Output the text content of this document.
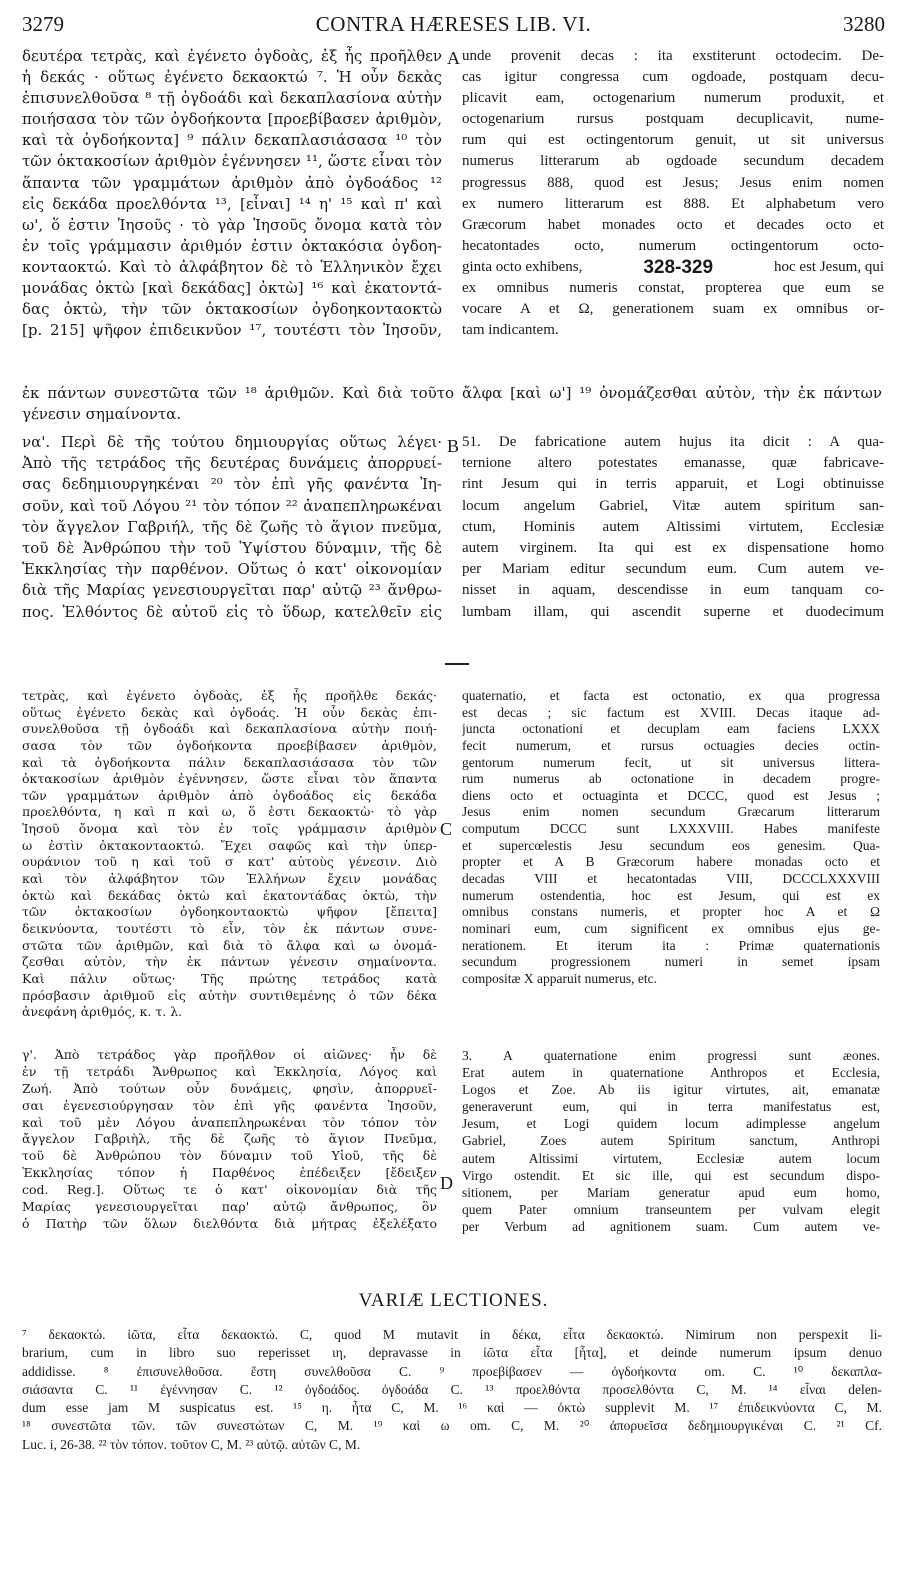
3279	CONTRA HÆRESES LIB. VI.	3280
δευτέρα τετρὰς, καὶ ἐγένετο ὀγδοὰς, ἐξ ἧς προῆλθεν
ἡ δεκάς · οὕτως ἐγένετο δεκαοκτώ ⁷. Ἡ οὖν δεκὰς
ἐπισυνελθοῦσα ⁸ τῇ ὀγδοάδι καὶ δεκαπλασίονα αὐτὴν
ποιήσασα τὸν τῶν ὀγδοήκοντα [προεβίβασεν ἀριθμὸν,
καὶ τὰ ὀγδοήκοντα] ⁹ πάλιν δεκαπλασιάσασα ¹⁰ τὸν
τῶν ὀκτακοσίων ἀριθμὸν ἐγέννησεν ¹¹, ὥστε εἶναι τὸν
ἅπαντα τῶν γραμμάτων ἀριθμὸν ἀπὸ ὀγδοάδος ¹²
εἰς δεκάδα προελθόντα ¹³, [εἶναι] ¹⁴ η' ¹⁵ καὶ π' καὶ
ω', ὅ ἐστιν Ἰησοῦς · τὸ γὰρ Ἰησοῦς ὄνομα κατὰ τὸν
ἐν τοῖς γράμμασιν ἀριθμόν ἐστιν ὀκτακόσια ὀγδοη-
κονταοκτώ. Καὶ τὸ ἀλφάβητον δὲ τὸ Ἑλληνικὸν ἔχει
μονάδας ὀκτὼ [καὶ δεκάδας] ὀκτὼ] ¹⁶ καὶ ἑκατοντά-
δας ὀκτὼ, τὴν τῶν ὀκτακοσίων ὀγδοηκονταοκτὼ
[p. 215] ψῆφον ἐπιδεικνῦον ¹⁷, τουτέστι τὸν Ἰησοῦν,
A unde provenit decas : ita exstiterunt octodecim. De-
cas igitur congressa cum ogdoade, postquam decu-
plicavit eam, octogenarium numerum produxit, et
octogenarium rursus postquam decuplicavit, nume-
rum qui est octingentorum genuit, ut sit universus
numerus litterarum ab ogdoade secundum decadem
progressus 888, quod est Jesus; Jesus enim nomen
ex numero litterarum est 888. Et alphabetum vero
Græcorum habet monades octo et decades octo et
hecatontades octo, numerum octingentorum octo-
ginta octo exhibens,	328-329	hoc est Jesum, qui
ex omnibus numeris constat, propterea que eum se
vocare A et Ω, generationem suam ex omnibus or-
tam indicantem.
ἐκ πάντων συνεστῶτα τῶν ¹⁸ ἀριθμῶν. Καὶ διὰ τοῦτο ἄλφα [καὶ ω'] ¹⁹ ὀνομάζεσθαι αὐτὸν, τὴν ἐκ πάντων
γένεσιν σημαίνοντα.
να'. Περὶ δὲ τῆς τούτου δημιουργίας οὕτως λέγει·
Ἀπὸ τῆς τετράδος τῆς δευτέρας δυνάμεις ἀπορρυεί-
σας δεδημιουργηκέναι ²⁰ τὸν ἐπὶ γῆς φανέντα Ἰη-
σοῦν, καὶ τοῦ Λόγου ²¹ τὸν τόπον ²² ἀναπεπληρωκέναι
τὸν ἄγγελον Γαβριήλ, τῆς δὲ ζωῆς τὸ ἅγιον πνεῦμα,
τοῦ δὲ Ἀνθρώπου τὴν τοῦ Ὑψίστου δύναμιν, τῆς δὲ
Ἐκκλησίας τὴν παρθένον. Οὕτως ὁ κατ' οἰκονομίαν
διὰ τῆς Μαρίας γενεσιουργεῖται παρ' αὐτῷ ²³ ἄνθρω-
πος. Ἐλθόντος δὲ αὐτοῦ εἰς τὸ ὕδωρ, κατελθεῖν εἰς
B 51. De fabricatione autem hujus ita dicit : A qua-
ternione altero potestates emanasse, quæ fabricave-
rint Jesum qui in terris apparuit, et Logi obtinuisse
locum angelum Gabriel, Vitæ autem spiritum san-
ctum, Hominis autem Altissimi virtutem, Ecclesiæ
autem virginem. Ita qui est ex dispensatione homo
per Mariam editur secundum eum. Cum autem ve-
nisset in aquam, descendisse in eum tanquam co-
lumbam illam, qui ascendit superne et duodecimum
τετρὰς, καὶ ἐγένετο ὀγδοὰς, ἐξ ἧς προῆλθε δεκάς·
οὕτως ἐγένετο δεκὰς καὶ ὀγδοάς. Ἡ οὖν δεκὰς ἐπι-
συνελθοῦσα τῇ ὀγδοάδι καὶ δεκαπλασίονα αὐτὴν ποιή-
σασα τὸν τῶν ὀγδοήκοντα προεβίβασεν ἀριθμὸν,
καὶ τὰ ὀγδοήκοντα πάλιν δεκαπλασιάσασα τὸν τῶν
ὀκτακοσίων ἀριθμὸν ἐγέννησεν, ὥστε εἶναι τὸν ἅπαντα
τῶν γραμμάτων ἀριθμὸν ἀπὸ ὀγδοάδος εἰς δεκάδα
προελθόντα, η καὶ π καὶ ω, ὅ ἐστι δεκαοκτὼ· τὸ γὰρ
Ἰησοῦ ὄνομα καὶ τὸν ἐν τοῖς γράμμασιν ἀριθμὸν
ω ἐστὶν ὀκτακονταοκτώ. Ἔχει σαφῶς καὶ τὴν ὑπερ-
ουράνιον τοῦ η καὶ τοῦ σ κατ' αὐτοὺς γένεσιν. Διὸ
καὶ τὸν ἀλφάβητον τῶν Ἑλλήνων ἔχειν μονάδας
ὀκτὼ καὶ δεκάδας ὀκτὼ καὶ ἑκατοντάδας ὀκτὼ, τὴν
τῶν ὀκτακοσίων ὀγδοηκονταοκτὼ ψῆφον [ἔπειτα]
δεικνύοντα, τουτέστι τὸ εἶν, τὸν ἐκ πάντων συνε-
στῶτα τῶν ἀριθμῶν, καὶ διὰ τὸ ἄλφα καὶ ω ὀνομά-
ζεσθαι αὐτὸν, τὴν ἐκ πάντων γένεσιν σημαίνοντα.
Καὶ πάλιν οὕτως· Τῆς πρώτης τετράδος κατὰ
πρόσβασιν ἀριθμοῦ εἰς αὐτὴν συντιθεμένης ὁ τῶν δέκα
ἀνεφάνη ἀριθμός, κ. τ. λ.
C
quaternatio, et facta est octonatio, ex qua progressa
est decas ; sic factum est XVIII. Decas itaque ad-
juncta octonationi et decuplam eam faciens LXXX
fecit numerum, et rursus octuagies decies octin-
gentorum numerum fecit, ut sit universus littera-
rum numerus ab octonatione in decadem progre-
diens octo et octuaginta et DCCC, quod est Jesus ;
Jesus enim nomen secundum Græcarum litterarum
computum DCCC sunt LXXXVIII. Habes manifeste
et supercœlestis Jesu secundum eos genesim. Qua-
propter et A B Græcorum habere monadas octo et
decadas VIII et hecatontadas VIII, DCCCLXXXVIII
numerum ostendentia, hoc est Jesum, qui est ex
omnibus constans numeris, et propter hoc A et Ω
nominari eum, cum significent ex omnibus ejus ge-
nerationem. Et iterum ita : Primæ quaternationis
secundum progressionem numeri in semet ipsam
compositæ X apparuit numerus, etc.
γ'. Ἀπὸ τετράδος γὰρ προῆλθον οἱ αἰῶνες· ἦν δὲ
ἐν τῇ τετράδι Ἄνθρωπος καὶ Ἐκκλησία, Λόγος καὶ
Ζωή. Ἀπὸ τούτων οὖν δυνάμεις, φησὶν, ἀπορρυεῖ-
σαι ἐγενεσιούργησαν τὸν ἐπὶ γῆς φανέντα Ἰησοῦν,
καὶ τοῦ μὲν Λόγου ἀναπεπληρωκέναι τὸν τόπον τὸν
ἄγγελον Γαβριὴλ, τῆς δὲ ζωῆς τὸ ἅγιον Πνεῦμα,
τοῦ δὲ Ἀνθρώπου τὸν δύναμιν τοῦ Υἱοῦ, τῆς δὲ
Ἐκκλησίας τόπον ἡ Παρθένος ἐπέδειξεν [ἔδειξεν
cod. Reg.]. Οὕτως τε ὁ κατ' οἰκονομίαν διὰ τῆς
Μαρίας γενεσιουργεῖται παρ' αὐτῷ ἄνθρωπος, ὃν
ὁ Πατὴρ τῶν ὅλων διελθόντα διὰ μήτρας ἐξελέξατο
D
3. A quaternatione enim progressi sunt æones.
Erat autem in quaternatione Anthropos et Ecclesia,
Logos et Zoe. Ab iis igitur virtutes, ait, emanatæ
generaverunt eum, qui in terra manifestatus est,
Jesum, et Logi quidem locum adimplesse angelum
Gabriel, Zoes autem Spiritum sanctum, Anthropi
autem Altissimi virtutem, Ecclesiæ autem locum
Virgo ostendit. Et sic ille, qui est secundum dispo-
sitionem, per Mariam generatur apud eum homo,
quem Pater omnium transeuntem per vulvam elegit
per Verbum ad agnitionem suam. Cum autem ve-
VARIÆ LECTIONES.
⁷ δεκαοκτώ. ἰῶτα, εἶτα δεκαοκτώ. C, quod M mutavit in δέκα, εἶτα δεκαοκτώ. Nimirum non perspexit li-
brarium, cum in libro suo reperisset ιη, depravasse in ἰῶτα εἶτα [ἦτα], et deinde numerum ipsum denuo
addidisse. ⁸ ἐπισυνελθοῦσα. ἔστη συνελθοῦσα C. ⁹ προεβίβασεν — ὀγδοήκοντα om. C. ¹⁰ δεκαπλα-
σιάσαντα C. ¹¹ ἐγέννησαν C. ¹² ὀγδοάδος. ὀγδοάδα C. ¹³ προελθόντα προσελθόντα C, M. ¹⁴ εἶναι delen-
dum esse jam M suspicatus est. ¹⁵ η. ἦτα C, M. ¹⁶ καὶ — ὀκτὼ supplevit M. ¹⁷ ἐπιδεικνύοντα C, M.
¹⁸ συνεστῶτα τῶν. τῶν συνεστώτων C, M. ¹⁹ καὶ ω om. C, M. ²⁰ ἀπορυεῖσα δεδημιουργικέναι C. ²¹ Cf.
Luc. i, 26-38. ²² τὸν τόπον. τοῦτον C, M. ²³ αὐτῷ. αὐτῶν C, M.
